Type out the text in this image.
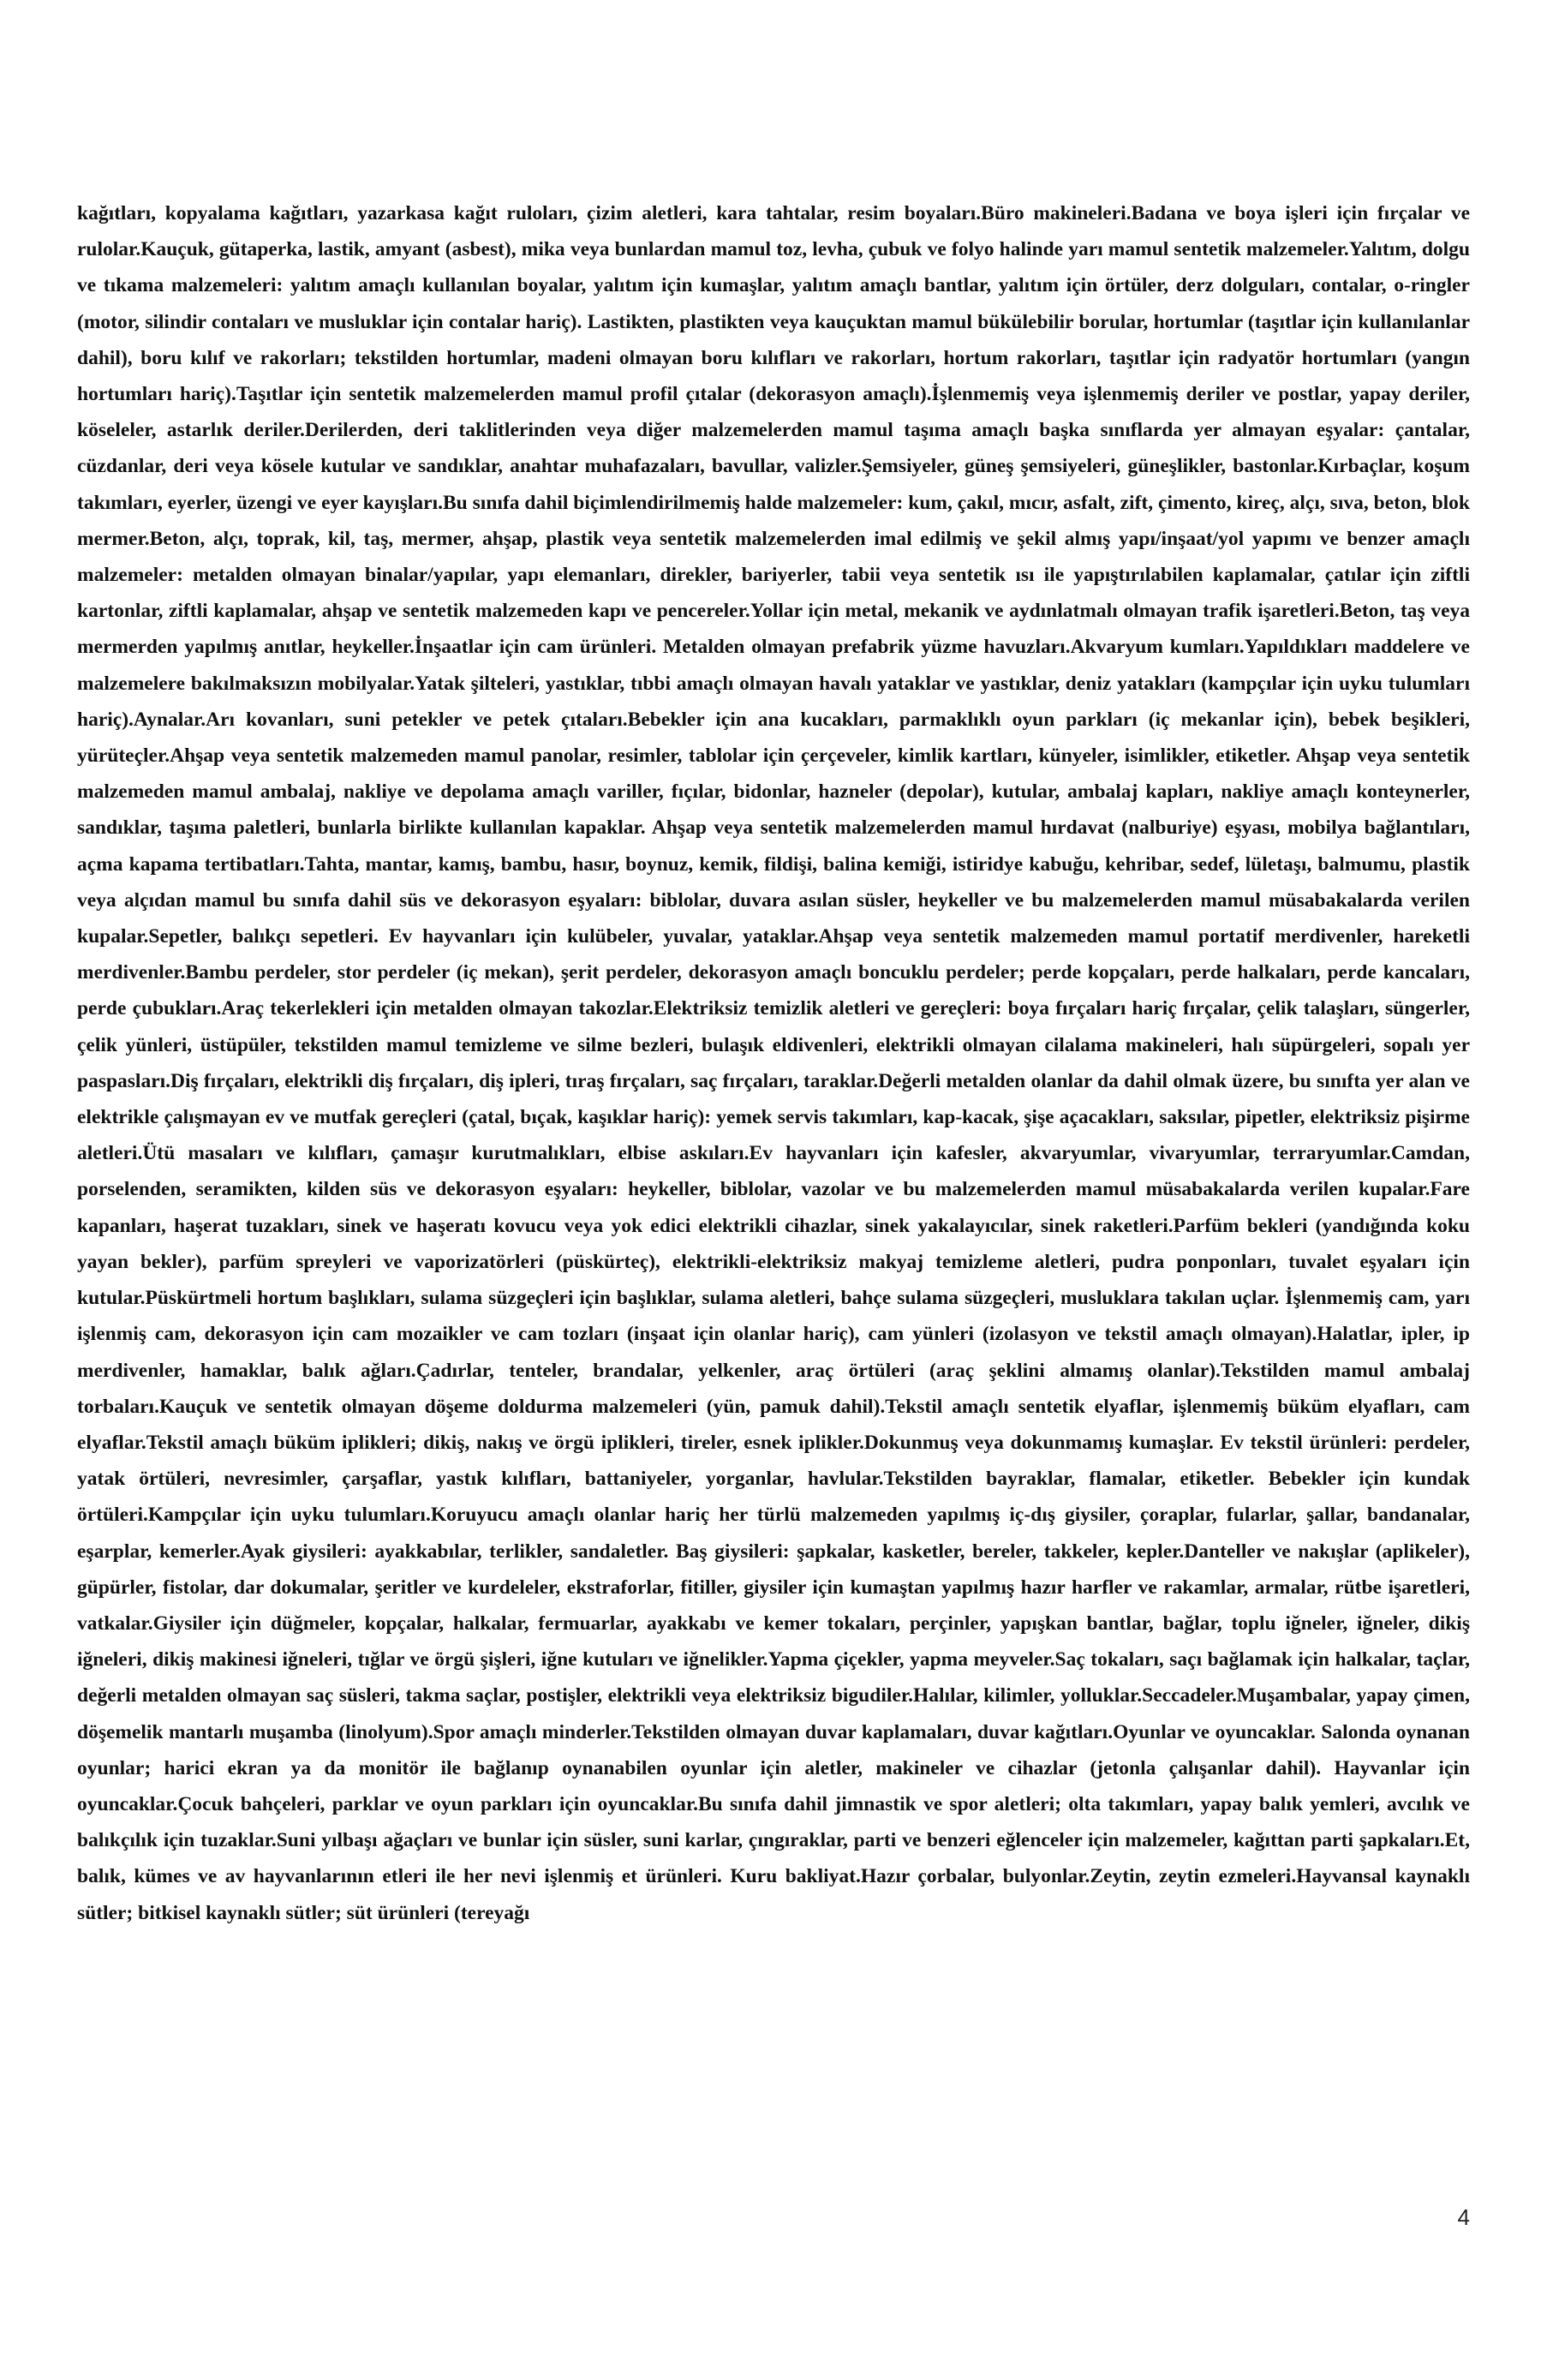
kağıtları, kopyalama kağıtları, yazarkasa kağıt ruloları, çizim aletleri, kara tahtalar, resim boyaları.Büro makineleri.Badana ve boya işleri için fırçalar ve rulolar.Kauçuk, gütaperka, lastik, amyant (asbest), mika veya bunlardan mamul toz, levha, çubuk ve folyo halinde yarı mamul sentetik malzemeler.Yalıtım, dolgu ve tıkama malzemeleri: yalıtım amaçlı kullanılan boyalar, yalıtım için kumaşlar, yalıtım amaçlı bantlar, yalıtım için örtüler, derz dolguları, contalar, o-ringler (motor, silindir contaları ve musluklar için contalar hariç). Lastikten, plastikten veya kauçuktan mamul bükülebilir borular, hortumlar (taşıtlar için kullanılanlar dahil), boru kılıf ve rakorları; tekstilden hortumlar, madeni olmayan boru kılıfları ve rakorları, hortum rakorları, taşıtlar için radyatör hortumları (yangın hortumları hariç).Taşıtlar için sentetik malzemelerden mamul profil çıtalar (dekorasyon amaçlı).İşlenmemiş veya işlenmemiş deriler ve postlar, yapay deriler, köseleler, astarlık deriler.Derilerden, deri taklitlerinden veya diğer malzemelerden mamul taşıma amaçlı başka sınıflarda yer almayan eşyalar: çantalar, cüzdanlar, deri veya kösele kutular ve sandıklar, anahtar muhafazaları, bavullar, valizler.Şemsiyeler, güneş şemsiyeleri, güneşlikler, bastonlar.Kırbaçlar, koşum takımları, eyerler, üzengi ve eyer kayışları.Bu sınıfa dahil biçimlendirilmemiş halde malzemeler: kum, çakıl, mıcır, asfalt, zift, çimento, kireç, alçı, sıva, beton, blok mermer.Beton, alçı, toprak, kil, taş, mermer, ahşap, plastik veya sentetik malzemelerden imal edilmiş ve şekil almış yapı/inşaat/yol yapımı ve benzer amaçlı malzemeler: metalden olmayan binalar/yapılar, yapı elemanları, direkler, bariyerler, tabii veya sentetik ısı ile yapıştırılabilen kaplamalar, çatılar için ziftli kartonlar, ziftli kaplamalar, ahşap ve sentetik malzemeden kapı ve pencereler.Yollar için metal, mekanik ve aydınlatmalı olmayan trafik işaretleri.Beton, taş veya mermerden yapılmış anıtlar, heykeller.İnşaatlar için cam ürünleri. Metalden olmayan prefabrik yüzme havuzları.Akvaryum kumları.Yapıldıkları maddelere ve malzemelere bakılmaksızın mobilyalar.Yatak şilteleri, yastıklar, tıbbi amaçlı olmayan havalı yataklar ve yastıklar, deniz yatakları (kampçılar için uyku tulumları hariç).Aynalar.Arı kovanları, suni petekler ve petek çıtaları.Bebekler için ana kucakları, parmaklıklı oyun parkları (iç mekanlar için), bebek beşikleri, yürüteçler.Ahşap veya sentetik malzemeden mamul panolar, resimler, tablolar için çerçeveler, kimlik kartları, künyeler, isimlikler, etiketler. Ahşap veya sentetik malzemeden mamul ambalaj, nakliye ve depolama amaçlı variller, fıçılar, bidonlar, hazneler (depolar), kutular, ambalaj kapları, nakliye amaçlı konteynerler, sandıklar, taşıma paletleri, bunlarla birlikte kullanılan kapaklar. Ahşap veya sentetik malzemelerden mamul hırdavat (nalburiye) eşyası, mobilya bağlantıları, açma kapama tertibatları.Tahta, mantar, kamış, bambu, hasır, boynuz, kemik, fildişi, balina kemiği, istiridye kabuğu, kehribar, sedef, lületaşı, balmumu, plastik veya alçıdan mamul bu sınıfa dahil süs ve dekorasyon eşyaları: biblolar, duvara asılan süsler, heykeller ve bu malzemelerden mamul müsabakalarda verilen kupalar.Sepetler, balıkçı sepetleri. Ev hayvanları için kulübeler, yuvalar, yataklar.Ahşap veya sentetik malzemeden mamul portatif merdivenler, hareketli merdivenler.Bambu perdeler, stor perdeler (iç mekan), şerit perdeler, dekorasyon amaçlı boncuklu perdeler; perde kopçaları, perde halkaları, perde kancaları, perde çubukları.Araç tekerlekleri için metalden olmayan takozlar.Elektriksiz temizlik aletleri ve gereçleri: boya fırçaları hariç fırçalar, çelik talaşları, süngerler, çelik yünleri, üstüpüler, tekstilden mamul temizleme ve silme bezleri, bulaşık eldivenleri, elektrikli olmayan cilalama makineleri, halı süpürgeleri, sopalı yer paspasları.Diş fırçaları, elektrikli diş fırçaları, diş ipleri, tıraş fırçaları, saç fırçaları, taraklar.Değerli metalden olanlar da dahil olmak üzere, bu sınıfta yer alan ve elektrikle çalışmayan ev ve mutfak gereçleri (çatal, bıçak, kaşıklar hariç): yemek servis takımları, kap-kacak, şişe açacakları, saksılar, pipetler, elektriksiz pişirme aletleri.Ütü masaları ve kılıfları, çamaşır kurutmalıkları, elbise askıları.Ev hayvanları için kafesler, akvaryumlar, vivaryumlar, terraryumlar.Camdan, porselenden, seramikten, kilden süs ve dekorasyon eşyaları: heykeller, biblolar, vazolar ve bu malzemelerden mamul müsabakalarda verilen kupalar.Fare kapanları, haşerat tuzakları, sinek ve haşeratı kovucu veya yok edici elektrikli cihazlar, sinek yakalayıcılar, sinek raketleri.Parfüm bekleri (yandığında koku yayan bekler), parfüm spreyleri ve vaporizatörleri (püskürteç), elektrikli-elektriksiz makyaj temizleme aletleri, pudra ponponları, tuvalet eşyaları için kutular.Püskürtmeli hortum başlıkları, sulama süzgeçleri için başlıklar, sulama aletleri, bahçe sulama süzgeçleri, musluklara takılan uçlar. İşlenmemiş cam, yarı işlenmiş cam, dekorasyon için cam mozaikler ve cam tozları (inşaat için olanlar hariç), cam yünleri (izolasyon ve tekstil amaçlı olmayan).Halatlar, ipler, ip merdivenler, hamaklar, balık ağları.Çadırlar, tenteler, brandalar, yelkenler, araç örtüleri (araç şeklini almamış olanlar).Tekstilden mamul ambalaj torbaları.Kauçuk ve sentetik olmayan döşeme doldurma malzemeleri (yün, pamuk dahil).Tekstil amaçlı sentetik elyaflar, işlenmemiş büküm elyafları, cam elyaflar.Tekstil amaçlı büküm iplikleri; dikiş, nakış ve örgü iplikleri, tireler, esnek iplikler.Dokunmuş veya dokunmamış kumaşlar. Ev tekstil ürünleri: perdeler, yatak örtüleri, nevresimler, çarşaflar, yastık kılıfları, battaniyeler, yorganlar, havlular.Tekstilden bayraklar, flamalar, etiketler. Bebekler için kundak örtüleri.Kampçılar için uyku tulumları.Koruyucu amaçlı olanlar hariç her türlü malzemeden yapılmış iç-dış giysiler, çoraplar, fularlar, şallar, bandanalar, eşarplar, kemerler.Ayak giysileri: ayakkabılar, terlikler, sandaletler. Baş giysileri: şapkalar, kasketler, bereler, takkeler, kepler.Danteller ve nakışlar (aplikeler), güpürler, fistolar, dar dokumalar, şeritler ve kurdeleler, ekstraforlar, fitiller, giysiler için kumaştan yapılmış hazır harfler ve rakamlar, armalar, rütbe işaretleri, vatkalar.Giysiler için düğmeler, kopçalar, halkalar, fermuarlar, ayakkabı ve kemer tokaları, perçinler, yapışkan bantlar, bağlar, toplu iğneler, iğneler, dikiş iğneleri, dikiş makinesi iğneleri, tığlar ve örgü şişleri, iğne kutuları ve iğnelikler.Yapma çiçekler, yapma meyveler.Saç tokaları, saçı bağlamak için halkalar, taçlar, değerli metalden olmayan saç süsleri, takma saçlar, postişler, elektrikli veya elektriksiz bigudiler.Halılar, kilimler, yolluklar.Seccadeler.Muşambalar, yapay çimen, döşemelik mantarlı muşamba (linolyum).Spor amaçlı minderler.Tekstilden olmayan duvar kaplamaları, duvar kağıtları.Oyunlar ve oyuncaklar. Salonda oynanan oyunlar; harici ekran ya da monitör ile bağlanıp oynanabilen oyunlar için aletler, makineler ve cihazlar (jetonla çalışanlar dahil). Hayvanlar için oyuncaklar.Çocuk bahçeleri, parklar ve oyun parkları için oyuncaklar.Bu sınıfa dahil jimnastik ve spor aletleri; olta takımları, yapay balık yemleri, avcılık ve balıkçılık için tuzaklar.Suni yılbaşı ağaçları ve bunlar için süsler, suni karlar, çıngıraklar, parti ve benzeri eğlenceler için malzemeler, kağıttan parti şapkaları.Et, balık, kümes ve av hayvanlarının etleri ile her nevi işlenmiş et ürünleri. Kuru bakliyat.Hazır çorbalar, bulyonlar.Zeytin, zeytin ezmeleri.Hayvansal kaynaklı sütler; bitkisel kaynaklı sütler; süt ürünleri (tereyağı

4
